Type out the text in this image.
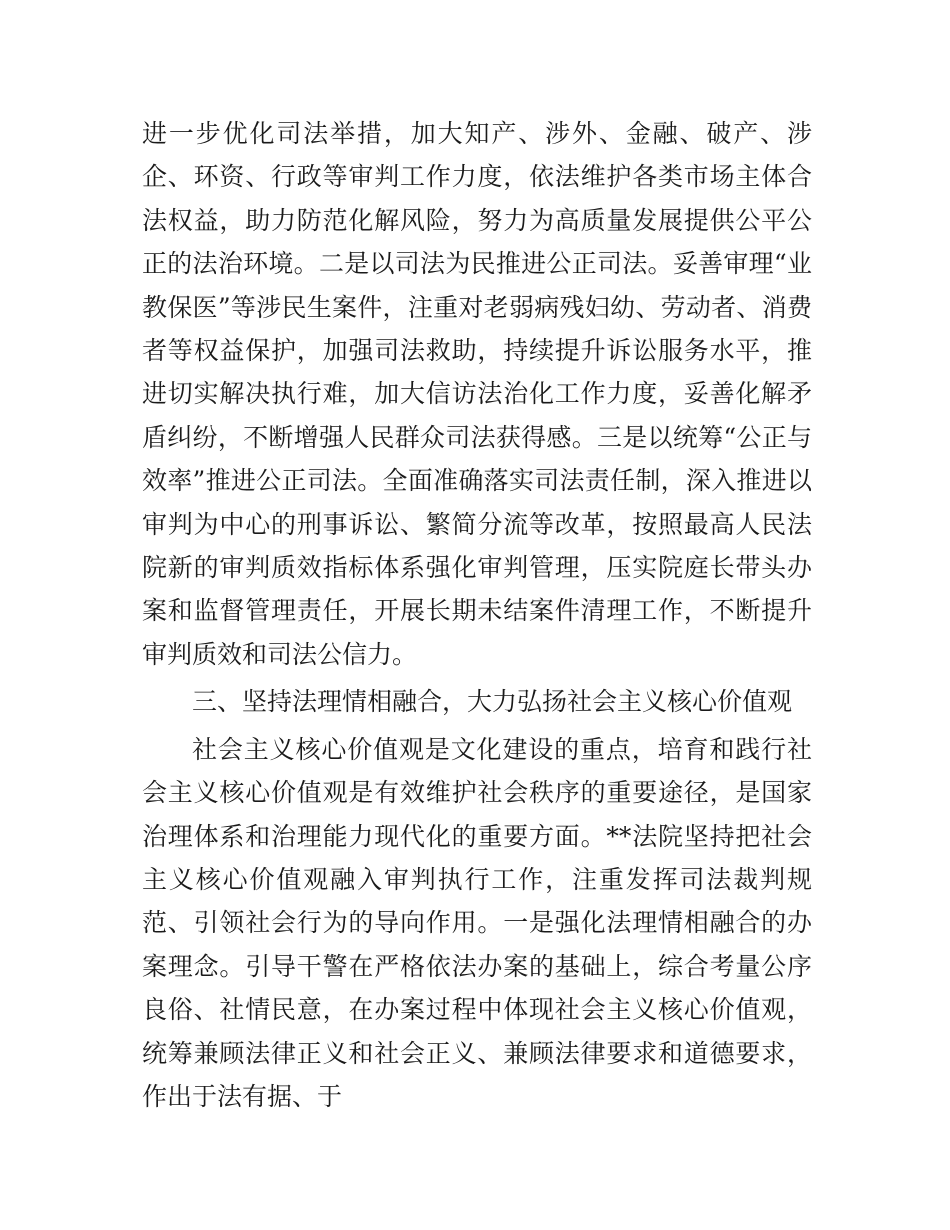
进一步优化司法举措，加大知产、涉外、金融、破产、涉企、环资、行政等审判工作力度，依法维护各类市场主体合法权益，助力防范化解风险，努力为高质量发展提供公平公正的法治环境。二是以司法为民推进公正司法。妥善审理“业教保医”等涉民生案件，注重对老弱病残妇幼、劳动者、消费者等权益保护，加强司法救助，持续提升诉讼服务水平，推进切实解决执行难，加大信访法治化工作力度，妥善化解矛盾纠纷，不断增强人民群众司法获得感。三是以统筹“公正与效率”推进公正司法。全面准确落实司法责任制，深入推进以审判为中心的刑事诉讼、繁简分流等改革，按照最高人民法院新的审判质效指标体系强化审判管理，压实院庭长带头办案和监督管理责任，开展长期未结案件清理工作，不断提升审判质效和司法公信力。

三、坚持法理情相融合，大力弘扬社会主义核心价值观

社会主义核心价值观是文化建设的重点，培育和践行社会主义核心价值观是有效维护社会秩序的重要途径，是国家治理体系和治理能力现代化的重要方面。**法院坚持把社会主义核心价值观融入审判执行工作，注重发挥司法裁判规范、引领社会行为的导向作用。一是强化法理情相融合的办案理念。引导干警在严格依法办案的基础上，综合考量公序良俗、社情民意，在办案过程中体现社会主义核心价值观，统筹兼顾法律正义和社会正义、兼顾法律要求和道德要求，作出于法有据、于
